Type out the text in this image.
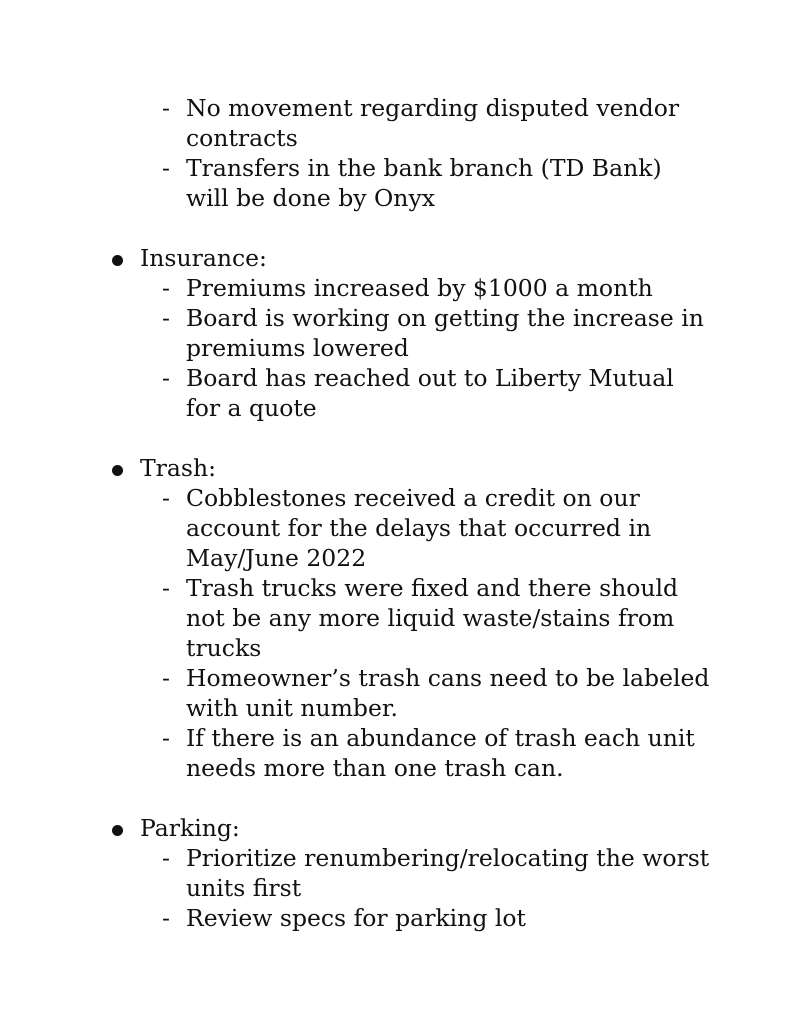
- No movement regarding disputed vendor contracts
- Transfers in the bank branch (TD Bank) will be done by Onyx
Insurance:
- Premiums increased by $1000 a month
- Board is working on getting the increase in premiums lowered
- Board has reached out to Liberty Mutual for a quote
Trash:
- Cobblestones received a credit on our account for the delays that occurred in May/June 2022
- Trash trucks were fixed and there should not be any more liquid waste/stains from trucks
- Homeowner’s trash cans need to be labeled with unit number.
- If there is an abundance of trash each unit needs more than one trash can.
Parking:
- Prioritize renumbering/relocating the worst units first
- Review specs for parking lot
